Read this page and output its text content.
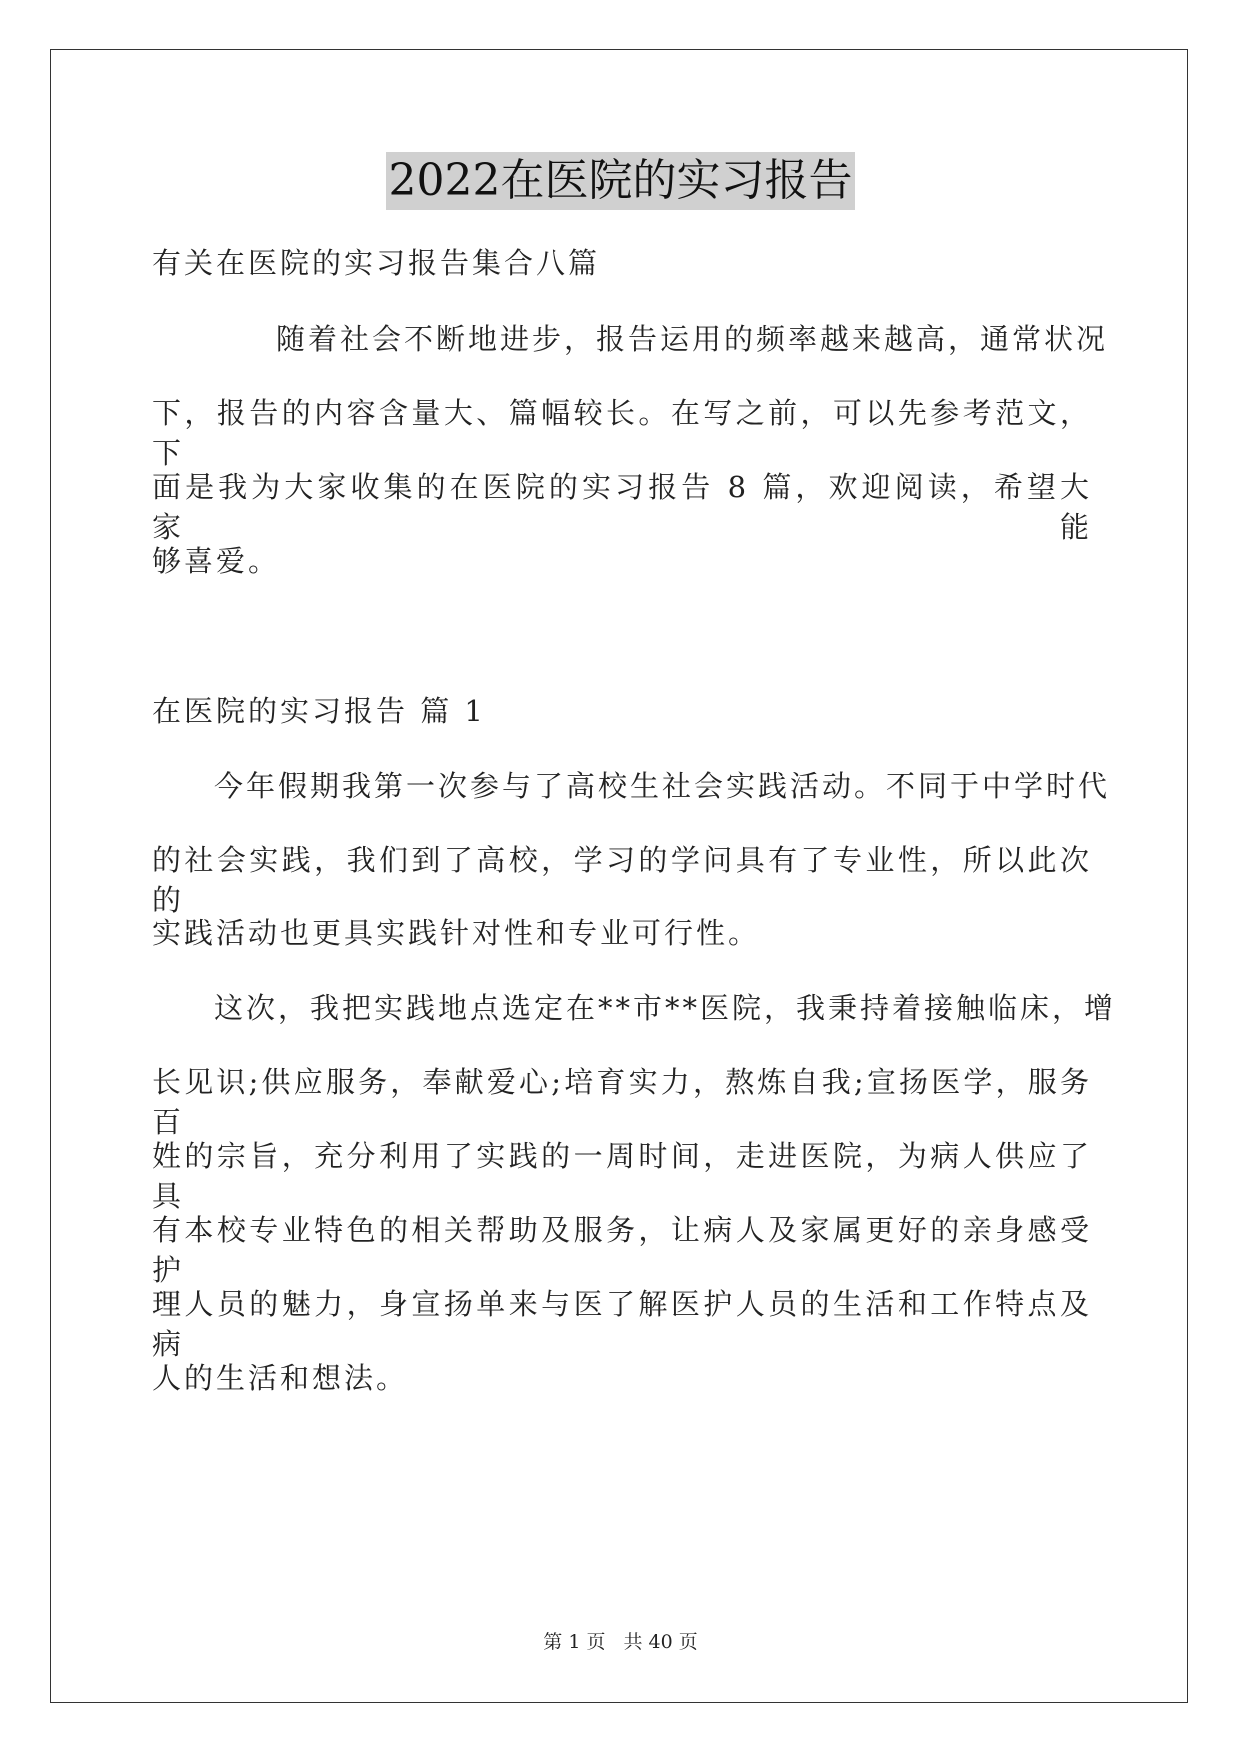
2022在医院的实习报告
有关在医院的实习报告集合八篇
随着社会不断地进步，报告运用的频率越来越高，通常状况
下，报告的内容含量大、篇幅较长。在写之前，可以先参考范文，下
面是我为大家收集的在医院的实习报告 8 篇，欢迎阅读，希望大家能
够喜爱。
在医院的实习报告 篇 1
今年假期我第一次参与了高校生社会实践活动。不同于中学时代
的社会实践，我们到了高校，学习的学问具有了专业性，所以此次的
实践活动也更具实践针对性和专业可行性。
这次，我把实践地点选定在**市**医院，我秉持着接触临床，增
长见识;供应服务，奉献爱心;培育实力，熬炼自我;宣扬医学，服务百
姓的宗旨，充分利用了实践的一周时间，走进医院，为病人供应了具
有本校专业特色的相关帮助及服务，让病人及家属更好的亲身感受护
理人员的魅力，身宣扬单来与医了解医护人员的生活和工作特点及病
人的生活和想法。
第 1 页 共 40 页
